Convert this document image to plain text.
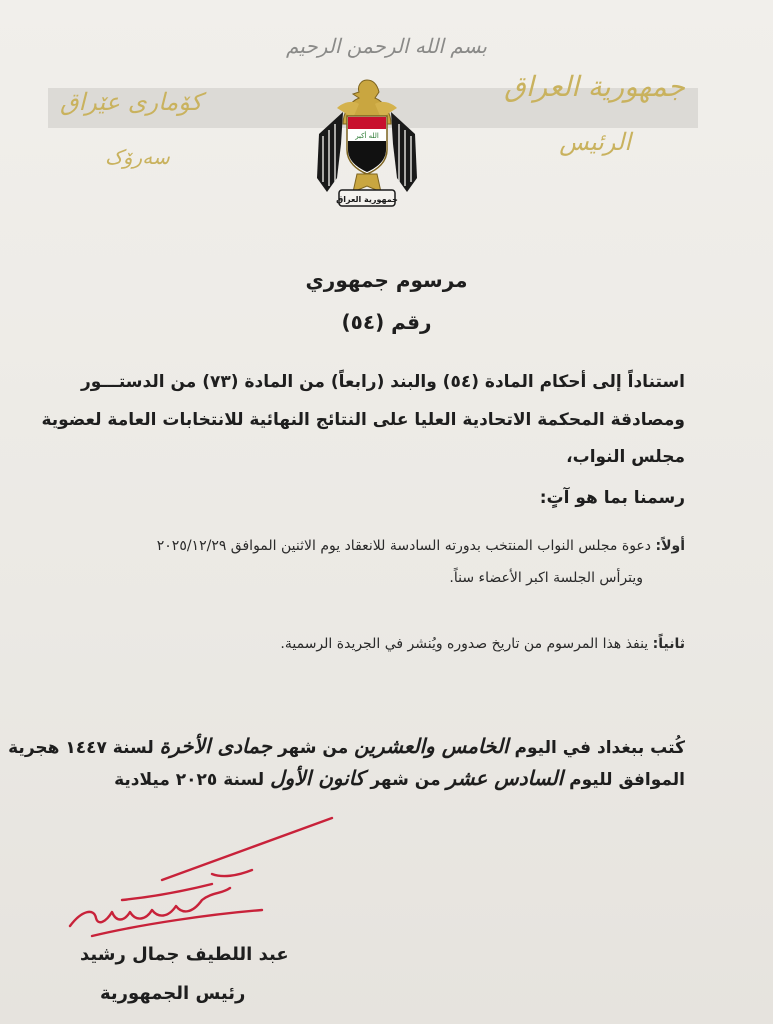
بسم الله الرحمن الرحيم
جمهورية العراق
الرئيس
كۆماری عێراق
سەرۆک
الله أكبر
جمهورية العراق
مرسوم جمهوري
رقم (٥٤)
استناداً إلى أحكام المادة (٥٤) والبند (رابعاً) من المادة (٧٣) من الدستـــور
ومصادقة المحكمة الاتحادية العليا على النتائج النهائية للانتخابات العامة لعضوية
مجلس النواب،
رسمنا بما هو آتٍ:
أولاً: دعوة مجلس النواب المنتخب بدورته السادسة للانعقاد يوم الاثنين الموافق ٢٠٢٥/١٢/٢٩
ويترأس الجلسة اكبر الأعضاء سناً.
ثانياً: ينفذ هذا المرسوم من تاريخ صدوره ويُنشر في الجريدة الرسمية.
كُتب ببغداد في اليوم الخامس والعشرين من شهر جمادى الأخرة لسنة ١٤٤٧ هجرية
الموافق لليوم السادس عشر من شهر كانون الأول لسنة ٢٠٢٥ ميلادية
عبد اللطيف جمال رشيد
رئيس الجمهورية
